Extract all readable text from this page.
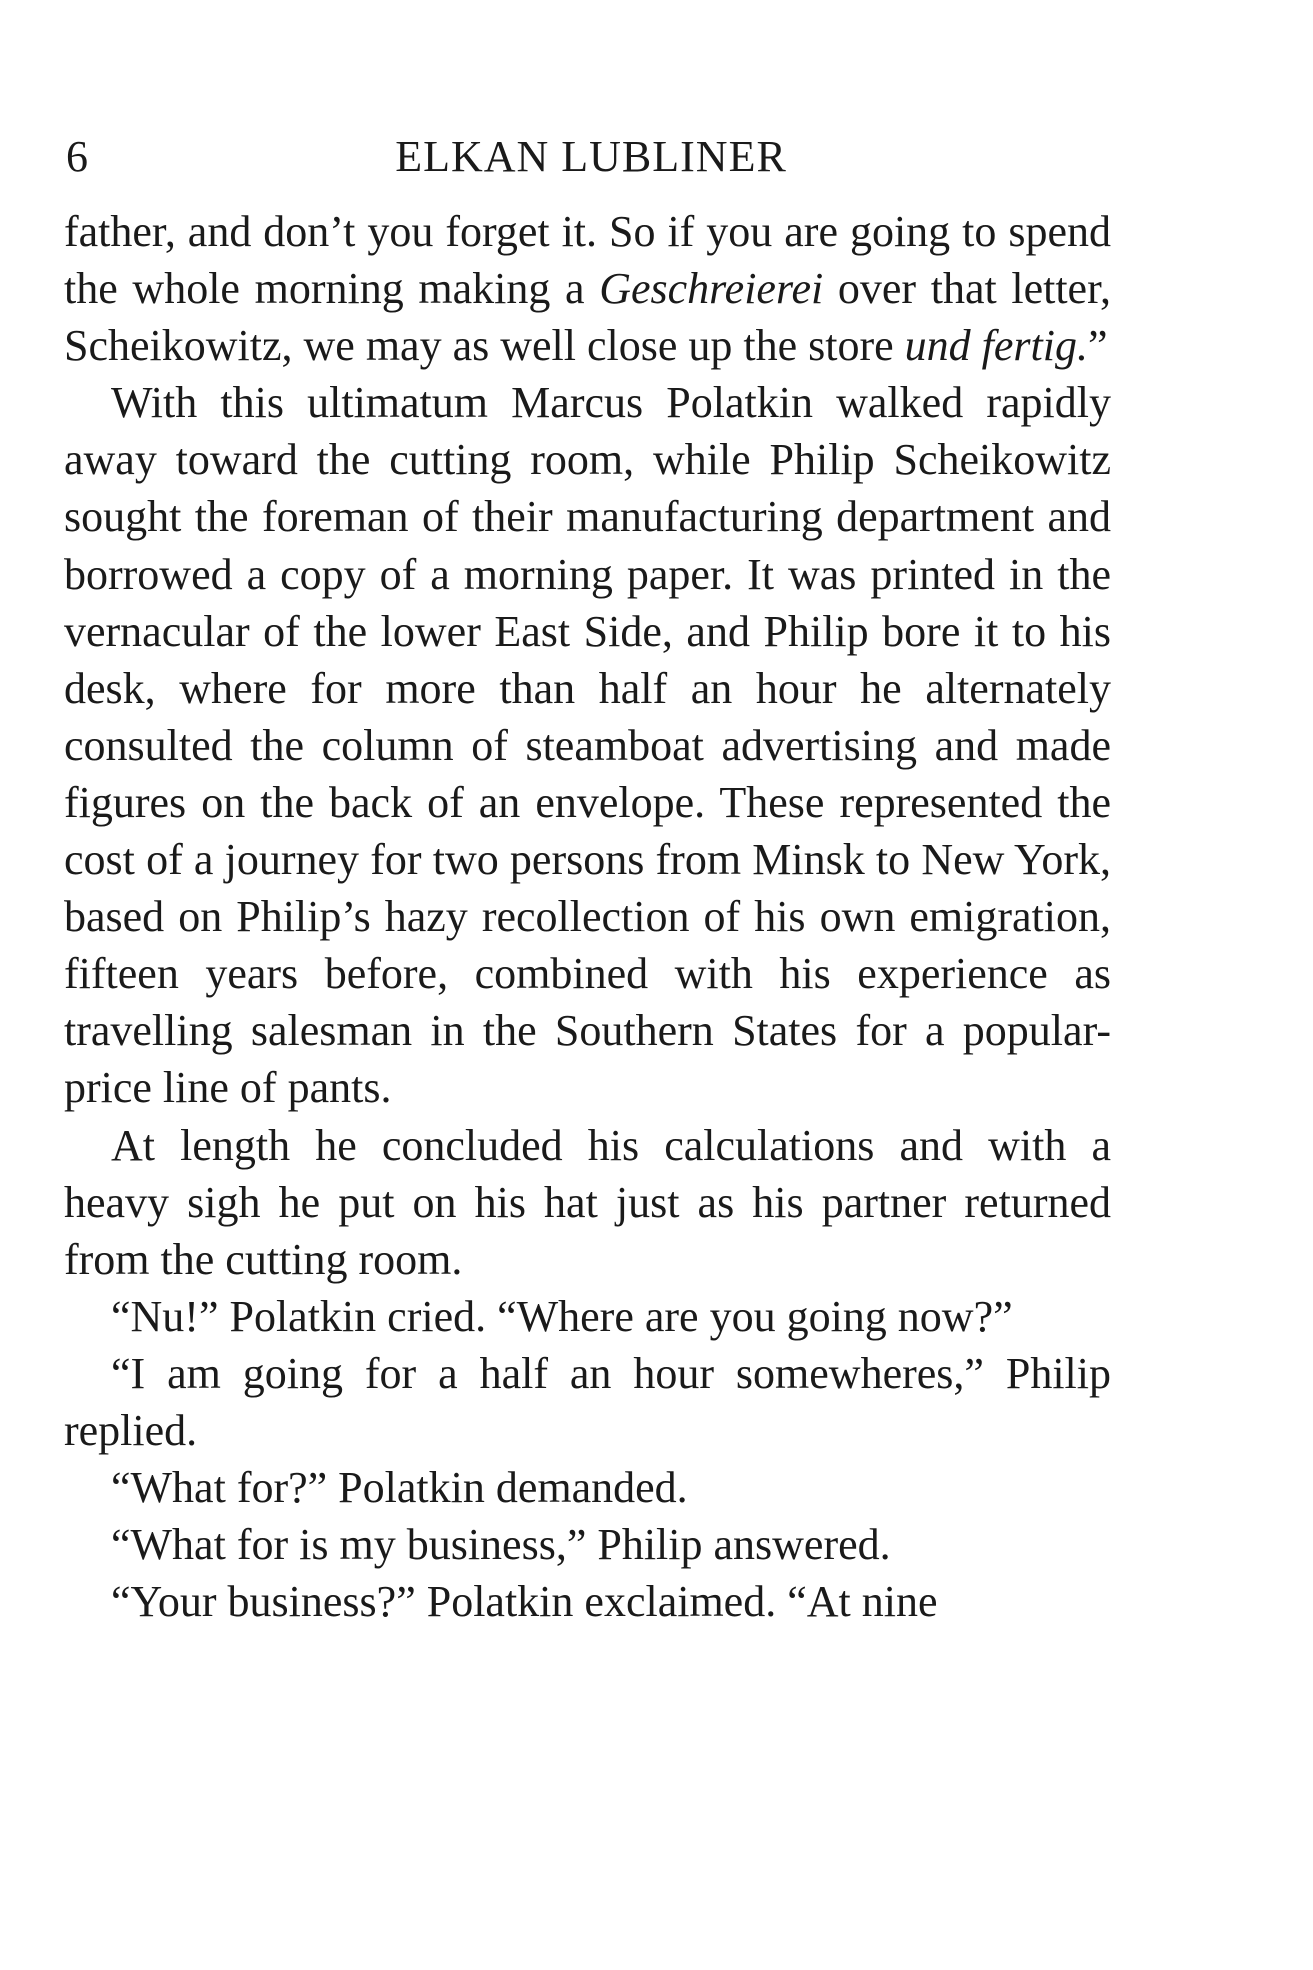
6	ELKAN LUBLINER

father, and don’t you forget it. So if you are going to spend the whole morning making a Geschreierei over that letter, Scheikowitz, we may as well close up the store und fertig.”

With this ultimatum Marcus Polatkin walked rapidly away toward the cutting room, while Philip Scheikowitz sought the foreman of their manufacturing department and borrowed a copy of a morning paper. It was printed in the vernacular of the lower East Side, and Philip bore it to his desk, where for more than half an hour he alternately consulted the column of steamboat advertising and made figures on the back of an envelope. These represented the cost of a journey for two persons from Minsk to New York, based on Philip’s hazy recollection of his own emigration, fifteen years before, combined with his experience as travelling salesman in the Southern States for a popular-price line of pants.

At length he concluded his calculations and with a heavy sigh he put on his hat just as his partner returned from the cutting room.

“Nu!” Polatkin cried. “Where are you going now?”

“I am going for a half an hour somewheres,” Philip replied.

“What for?” Polatkin demanded.

“What for is my business,” Philip answered.

“Your business?” Polatkin exclaimed. “At nine
